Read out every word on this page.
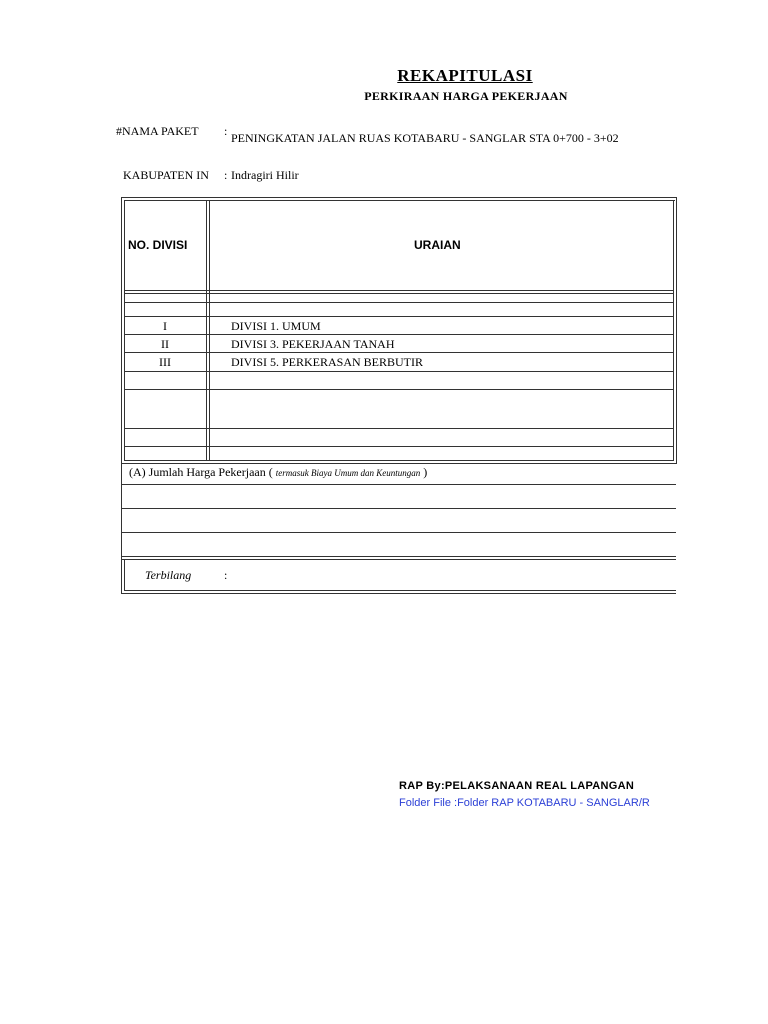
REKAPITULASI
PERKIRAAN HARGA PEKERJAAN
#NAMA PAKET : PENINGKATAN JALAN RUAS KOTABARU - SANGLAR STA 0+700 - 3+02
KABUPATEN IN	: Indragiri Hilir
NO. DIVISI	URAIAN
I	DIVISI 1. UMUM
II	DIVISI 3. PEKERJAAN TANAH
III	DIVISI 5. PERKERASAN BERBUTIR
(A) Jumlah Harga Pekerjaan ( termasuk Biaya Umum dan Keuntungan )
Terbilang	:
RAP By:PELAKSANAAN REAL LAPANGAN
Folder File :Folder RAP KOTABARU - SANGLAR/R
